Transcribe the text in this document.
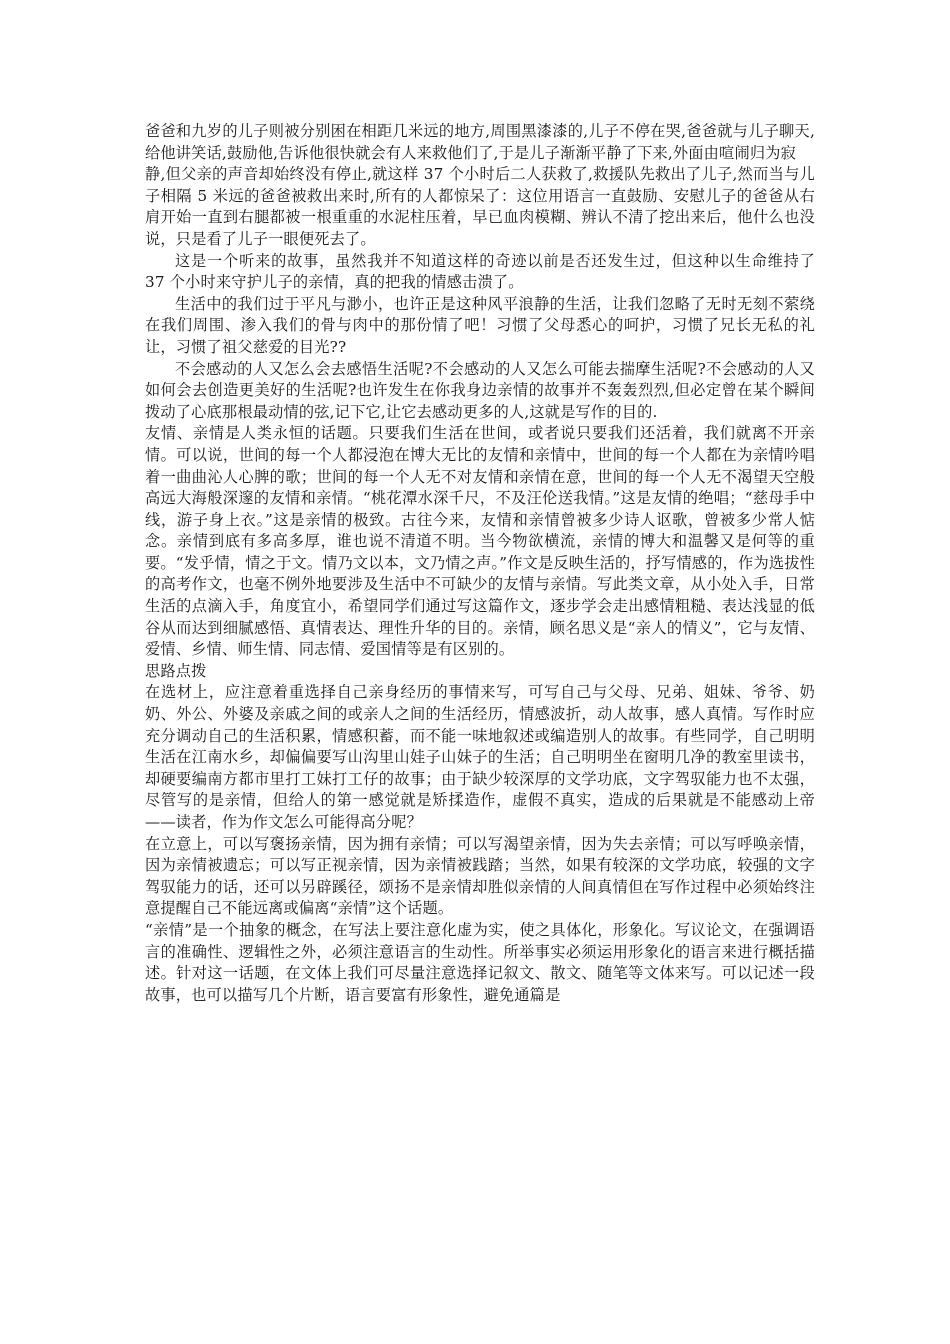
爸爸和九岁的儿子则被分别困在相距几米远的地方,周围黑漆漆的,儿子不停在哭,爸爸就与儿子聊天,给他讲笑话,鼓励他,告诉他很快就会有人来救他们了,于是儿子渐渐平静了下来,外面由喧闹归为寂

静,但父亲的声音却始终没有停止,就这样 37 个小时后二人获救了,救援队先救出了儿子,然而当与儿子相隔 5 米远的爸爸被救出来时,所有的人都惊呆了：这位用语言一直鼓励、安慰儿子的爸爸从右肩开始一直到右腿都被一根重重的水泥柱压着，早已血肉模糊、辨认不清了挖出来后，他什么也没说，只是看了儿子一眼便死去了。

这是一个听来的故事，虽然我并不知道这样的奇迹以前是否还发生过，但这种以生命维持了 37 个小时来守护儿子的亲情，真的把我的情感击溃了。

生活中的我们过于平凡与渺小，也许正是这种风平浪静的生活，让我们忽略了无时无刻不萦绕在我们周围、渗入我们的骨与肉中的那份情了吧！习惯了父母悉心的呵护，习惯了兄长无私的礼让，习惯了祖父慈爱的目光??

不会感动的人又怎么会去感悟生活呢?不会感动的人又怎么可能去揣摩生活呢?不会感动的人又如何会去创造更美好的生活呢?也许发生在你我身边亲情的故事并不轰轰烈烈,但必定曾在某个瞬间拨动了心底那根最动情的弦,记下它,让它去感动更多的人,这就是写作的目的.

友情、亲情是人类永恒的话题。只要我们生活在世间，或者说只要我们还活着，我们就离不开亲情。可以说，世间的每一个人都浸泡在博大无比的友情和亲情中，世间的每一个人都在为亲情吟唱着一曲曲沁人心脾的歌；世间的每一个人无不对友情和亲情在意，世间的每一个人无不渴望天空般高远大海般深邃的友情和亲情。“桃花潭水深千尺，不及汪伦送我情。”这是友情的绝唱；“慈母手中线，游子身上衣。”这是亲情的极致。古往今来，友情和亲情曾被多少诗人讴歌，曾被多少常人惦念。亲情到底有多高多厚，谁也说不清道不明。当今物欲横流，亲情的博大和温馨又是何等的重要。“发乎情，情之于文。情乃文以本，文乃情之声。”作文是反映生活的，抒写情感的，作为选拔性的高考作文，也毫不例外地要涉及生活中不可缺少的友情与亲情。写此类文章，从小处入手，日常生活的点滴入手，角度宜小，希望同学们通过写这篇作文，逐步学会走出感情粗糙、表达浅显的低谷从而达到细腻感悟、真情表达、理性升华的目的。亲情，顾名思义是“亲人的情义”，它与友情、爱情、乡情、师生情、同志情、爱国情等是有区别的。

思路点拨

在选材上，应注意着重选择自己亲身经历的事情来写，可写自己与父母、兄弟、姐妹、爷爷、奶奶、外公、外婆及亲戚之间的或亲人之间的生活经历，情感波折，动人故事，感人真情。写作时应充分调动自己的生活积累，情感积蓄，而不能一味地叙述或编造别人的故事。有些同学，自己明明生活在江南水乡，却偏偏要写山沟里山娃子山妹子的生活；自己明明坐在窗明几净的教室里读书，却硬要编南方都市里打工妹打工仔的故事；由于缺少较深厚的文学功底，文字驾驭能力也不太强，尽管写的是亲情，但给人的第一感觉就是矫揉造作，虚假不真实，造成的后果就是不能感动上帝——读者，作为作文怎么可能得高分呢？

在立意上，可以写褒扬亲情，因为拥有亲情；可以写渴望亲情，因为失去亲情；可以写呼唤亲情，因为亲情被遗忘；可以写正视亲情，因为亲情被践踏；当然，如果有较深的文学功底，较强的文字驾驭能力的话，还可以另辟蹊径，颂扬不是亲情却胜似亲情的人间真情但在写作过程中必须始终注意提醒自己不能远离或偏离“亲情”这个话题。

“亲情”是一个抽象的概念，在写法上要注意化虚为实，使之具体化，形象化。写议论文，在强调语言的准确性、逻辑性之外，必须注意语言的生动性。所举事实必须运用形象化的语言来进行概括描述。针对这一话题，在文体上我们可尽量注意选择记叙文、散文、随笔等文体来写。可以记述一段故事，也可以描写几个片断，语言要富有形象性，避免通篇是
